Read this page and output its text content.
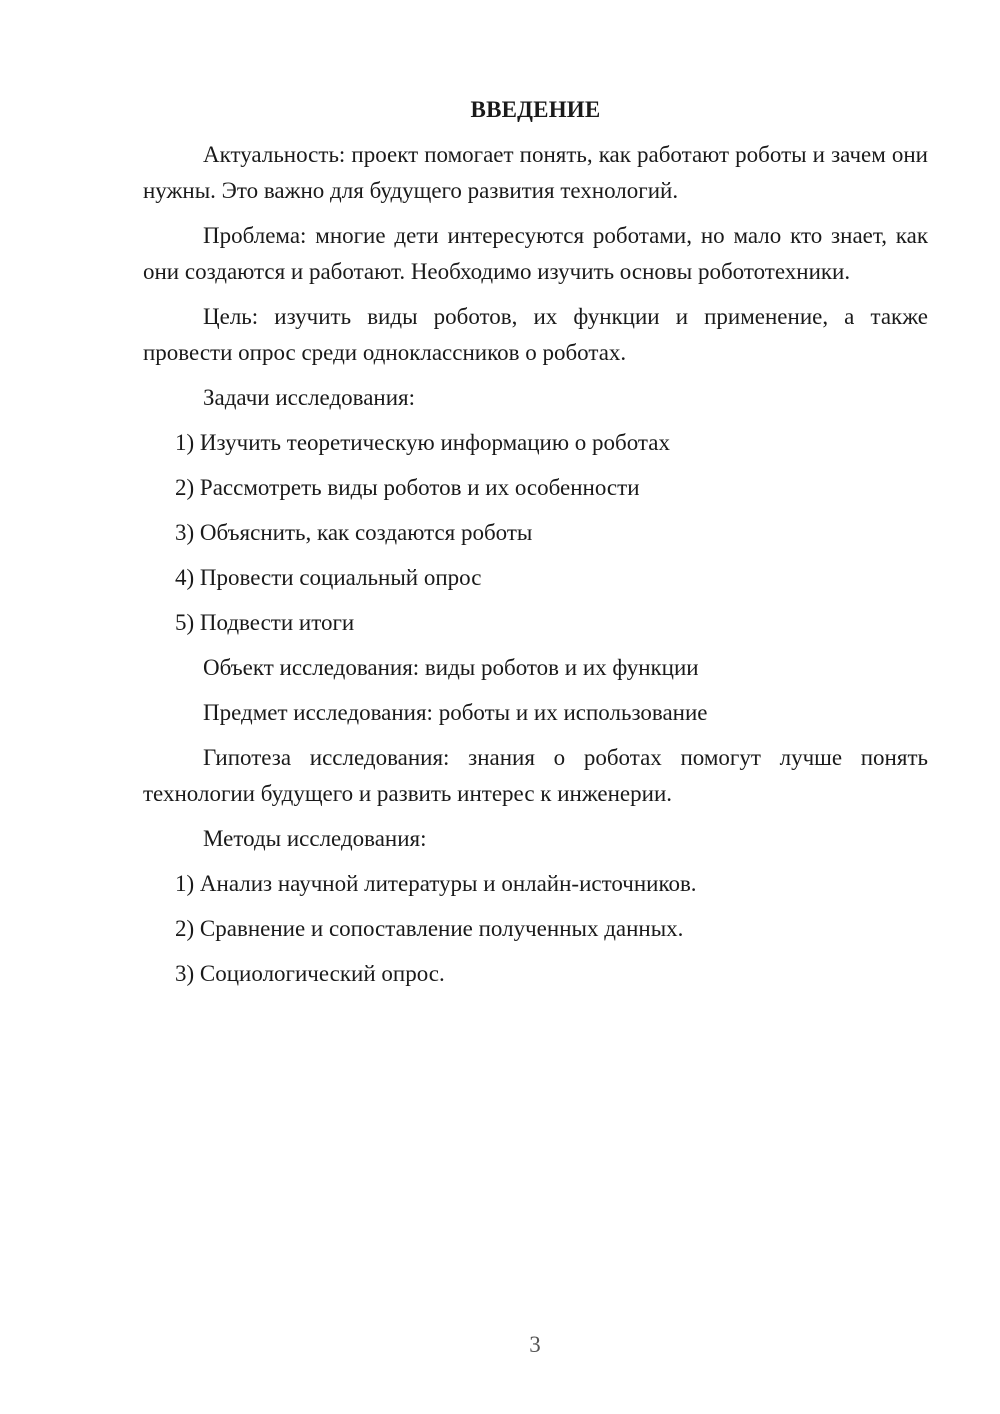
ВВЕДЕНИЕ

Актуальность: проект помогает понять, как работают роботы и зачем они нужны. Это важно для будущего развития технологий.

Проблема: многие дети интересуются роботами, но мало кто знает, как они создаются и работают. Необходимо изучить основы робототехники.

Цель: изучить виды роботов, их функции и применение, а также провести опрос среди одноклассников о роботах.

Задачи исследования:

1) Изучить теоретическую информацию о роботах

2) Рассмотреть виды роботов и их особенности

3) Объяснить, как создаются роботы

4) Провести социальный опрос

5) Подвести итоги

Объект исследования: виды роботов и их функции

Предмет исследования: роботы и их использование

Гипотеза исследования: знания о роботах помогут лучше понять технологии будущего и развить интерес к инженерии.

Методы исследования:

1) Анализ научной литературы и онлайн-источников.

2) Сравнение и сопоставление полученных данных.

3) Социологический опрос.

3
